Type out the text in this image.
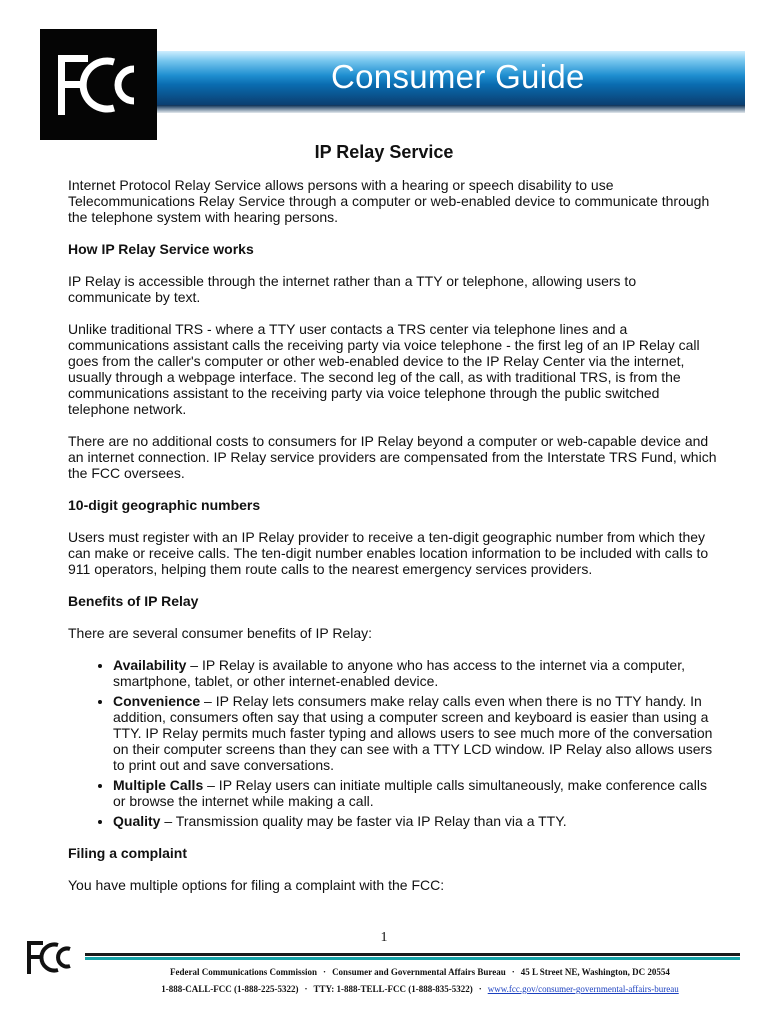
Consumer Guide
IP Relay Service

Internet Protocol Relay Service allows persons with a hearing or speech disability to use Telecommunications Relay Service through a computer or web-enabled device to communicate through the telephone system with hearing persons.

How IP Relay Service works

IP Relay is accessible through the internet rather than a TTY or telephone, allowing users to communicate by text.

Unlike traditional TRS - where a TTY user contacts a TRS center via telephone lines and a communications assistant calls the receiving party via voice telephone - the first leg of an IP Relay call goes from the caller's computer or other web-enabled device to the IP Relay Center via the internet, usually through a webpage interface. The second leg of the call, as with traditional TRS, is from the communications assistant to the receiving party via voice telephone through the public switched telephone network.

There are no additional costs to consumers for IP Relay beyond a computer or web-capable device and an internet connection. IP Relay service providers are compensated from the Interstate TRS Fund, which the FCC oversees.

10-digit geographic numbers

Users must register with an IP Relay provider to receive a ten-digit geographic number from which they can make or receive calls. The ten-digit number enables location information to be included with calls to 911 operators, helping them route calls to the nearest emergency services providers.

Benefits of IP Relay

There are several consumer benefits of IP Relay:

• Availability – IP Relay is available to anyone who has access to the internet via a computer, smartphone, tablet, or other internet-enabled device.
• Convenience – IP Relay lets consumers make relay calls even when there is no TTY handy. In addition, consumers often say that using a computer screen and keyboard is easier than using a TTY. IP Relay permits much faster typing and allows users to see much more of the conversation on their computer screens than they can see with a TTY LCD window. IP Relay also allows users to print out and save conversations.
• Multiple Calls – IP Relay users can initiate multiple calls simultaneously, make conference calls or browse the internet while making a call.
• Quality – Transmission quality may be faster via IP Relay than via a TTY.
Filing a complaint

You have multiple options for filing a complaint with the FCC:

1
Federal Communications Commission · Consumer and Governmental Affairs Bureau · 45 L Street NE, Washington, DC 20554
1-888-CALL-FCC (1-888-225-5322) · TTY: 1-888-TELL-FCC (1-888-835-5322) · www.fcc.gov/consumer-governmental-affairs-bureau
